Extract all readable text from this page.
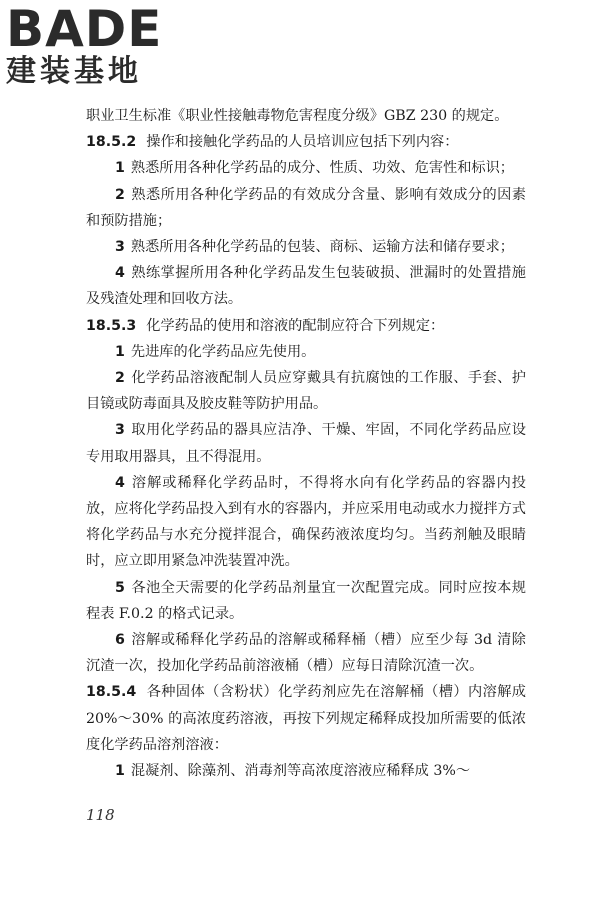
BADE
建装基地

职业卫生标准《职业性接触毒物危害程度分级》GBZ 230 的规定。

18.5.2 操作和接触化学药品的人员培训应包括下列内容：

1 熟悉所用各种化学药品的成分、性质、功效、危害性和标识；

2 熟悉所用各种化学药品的有效成分含量、影响有效成分的因素和预防措施；

3 熟悉所用各种化学药品的包装、商标、运输方法和储存要求；

4 熟练掌握所用各种化学药品发生包装破损、泄漏时的处置措施及残渣处理和回收方法。

18.5.3 化学药品的使用和溶液的配制应符合下列规定：

1 先进库的化学药品应先使用。

2 化学药品溶液配制人员应穿戴具有抗腐蚀的工作服、手套、护目镜或防毒面具及胶皮鞋等防护用品。

3 取用化学药品的器具应洁净、干燥、牢固，不同化学药品应设专用取用器具，且不得混用。

4 溶解或稀释化学药品时，不得将水向有化学药品的容器内投放，应将化学药品投入到有水的容器内，并应采用电动或水力搅拌方式将化学药品与水充分搅拌混合，确保药液浓度均匀。当药剂触及眼睛时，应立即用紧急冲洗装置冲洗。

5 各池全天需要的化学药品剂量宜一次配置完成。同时应按本规程表 F.0.2 的格式记录。

6 溶解或稀释化学药品的溶解或稀释桶（槽）应至少每 3d 清除沉渣一次，投加化学药品前溶液桶（槽）应每日清除沉渣一次。

18.5.4 各种固体（含粉状）化学药剂应先在溶解桶（槽）内溶解成 20%～30% 的高浓度药溶液，再按下列规定稀释成投加所需要的低浓度化学药品溶剂溶液：

1 混凝剂、除藻剂、消毒剂等高浓度溶液应稀释成 3%～

118
